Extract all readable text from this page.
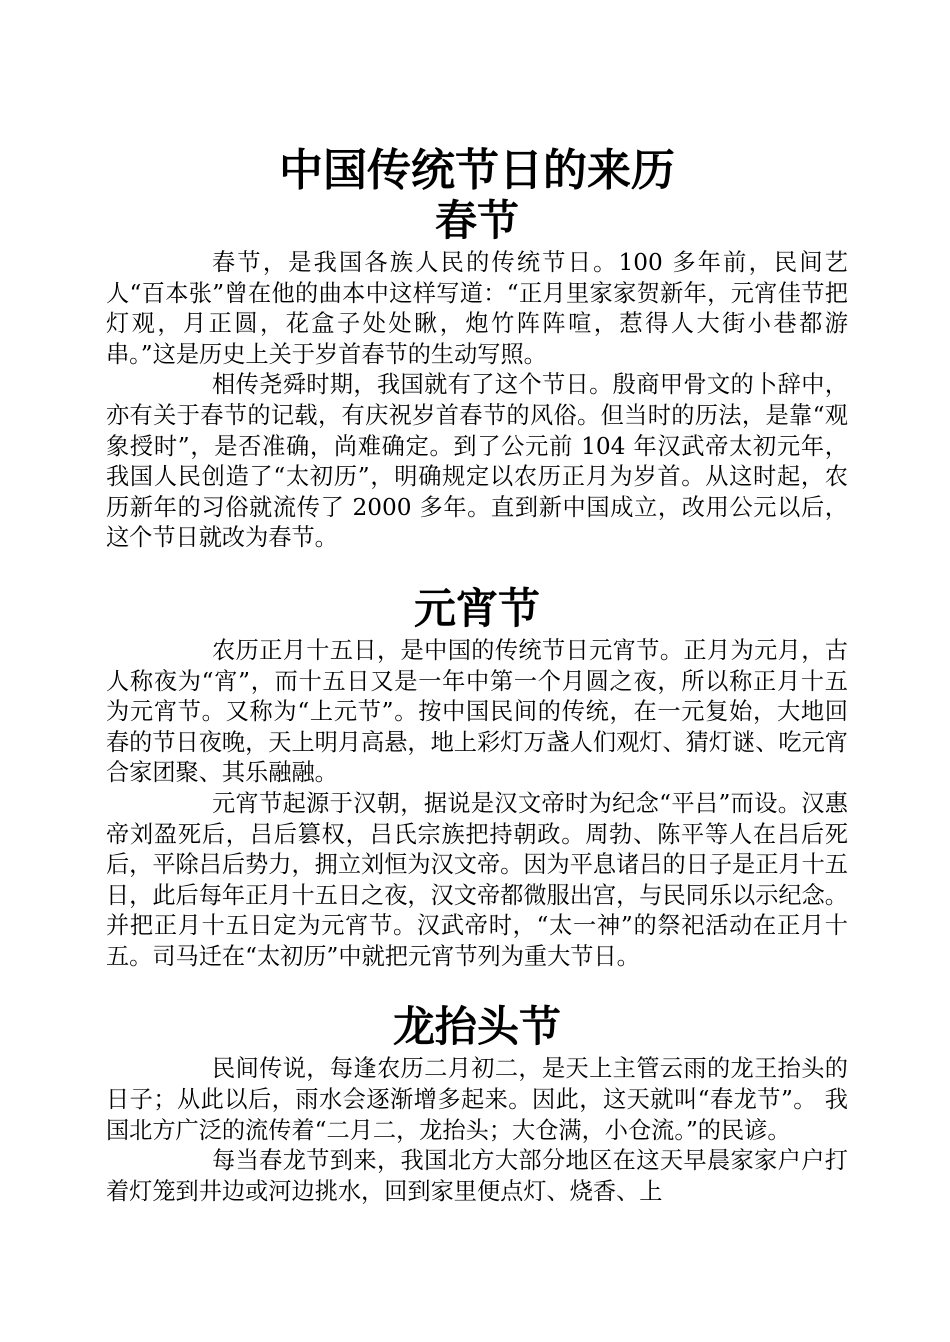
中国传统节日的来历
春节

春节，是我国各族人民的传统节日。100 多年前，民间艺人“百本张”曾在他的曲本中这样写道：“正月里家家贺新年，元宵佳节把灯观，月正圆，花盒子处处瞅，炮竹阵阵喧，惹得人大街小巷都游串。”这是历史上关于岁首春节的生动写照。

相传尧舜时期，我国就有了这个节日。殷商甲骨文的卜辞中，亦有关于春节的记载，有庆祝岁首春节的风俗。但当时的历法，是靠“观象授时”，是否准确，尚难确定。到了公元前 104 年汉武帝太初元年，我国人民创造了“太初历”，明确规定以农历正月为岁首。从这时起，农历新年的习俗就流传了 2000 多年。直到新中国成立，改用公元以后，这个节日就改为春节。

元宵节

农历正月十五日，是中国的传统节日元宵节。正月为元月，古人称夜为“宵”，而十五日又是一年中第一个月圆之夜，所以称正月十五为元宵节。又称为“上元节”。按中国民间的传统，在一元复始，大地回春的节日夜晚，天上明月高悬，地上彩灯万盏人们观灯、猜灯谜、吃元宵合家团聚、其乐融融。

元宵节起源于汉朝，据说是汉文帝时为纪念“平吕”而设。汉惠帝刘盈死后，吕后篡权，吕氏宗族把持朝政。周勃、陈平等人在吕后死后，平除吕后势力，拥立刘恒为汉文帝。因为平息诸吕的日子是正月十五日，此后每年正月十五日之夜，汉文帝都微服出宫，与民同乐以示纪念。并把正月十五日定为元宵节。汉武帝时，“太一神”的祭祀活动在正月十五。司马迁在“太初历”中就把元宵节列为重大节日。

龙抬头节

民间传说，每逢农历二月初二，是天上主管云雨的龙王抬头的日子；从此以后，雨水会逐渐增多起来。因此，这天就叫“春龙节”。 我国北方广泛的流传着“二月二，龙抬头；大仓满，小仓流。”的民谚。

每当春龙节到来，我国北方大部分地区在这天早晨家家户户打着灯笼到井边或河边挑水，回到家里便点灯、烧香、上
